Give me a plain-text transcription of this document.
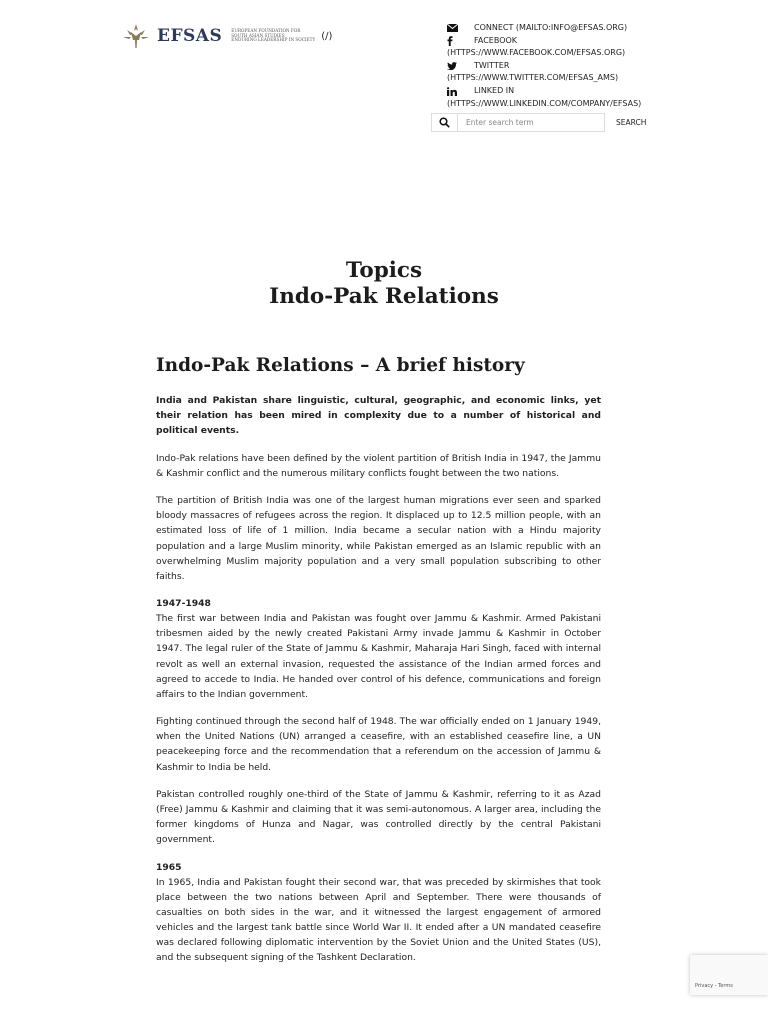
EFSAS EUROPEAN FOUNDATION FOR
SOUTH ASIAN STUDIES
ENDURING LEADERSHIP IN SOCIETY (/)
CONNECT (MAILTO:INFO@EFSAS.ORG)
FACEBOOK
(HTTPS://WWW.FACEBOOK.COM/EFSAS.ORG)
TWITTER
(HTTPS://WWW.TWITTER.COM/EFSAS_AMS)
LINKED IN
(HTTPS://WWW.LINKEDIN.COM/COMPANY/EFSAS)
Enter search term
SEARCH
Topics
Indo-Pak Relations
Indo-Pak Relations – A brief history

India and Pakistan share linguistic, cultural, geographic, and economic links, yet their relation has been mired in complexity due to a number of historical and political events.

Indo-Pak relations have been defined by the violent partition of British India in 1947, the Jammu & Kashmir conflict and the numerous military conflicts fought between the two nations.

The partition of British India was one of the largest human migrations ever seen and sparked bloody massacres of refugees across the region. It displaced up to 12.5 million people, with an estimated loss of life of 1 million. India became a secular nation with a Hindu majority population and a large Muslim minority, while Pakistan emerged as an Islamic republic with an overwhelming Muslim majority population and a very small population subscribing to other faiths.

1947-1948
The first war between India and Pakistan was fought over Jammu & Kashmir. Armed Pakistani tribesmen aided by the newly created Pakistani Army invade Jammu & Kashmir in October 1947. The legal ruler of the State of Jammu & Kashmir, Maharaja Hari Singh, faced with internal revolt as well an external invasion, requested the assistance of the Indian armed forces and agreed to accede to India. He handed over control of his defence, communications and foreign affairs to the Indian government.

Fighting continued through the second half of 1948. The war officially ended on 1 January 1949, when the United Nations (UN) arranged a ceasefire, with an established ceasefire line, a UN peacekeeping force and the recommendation that a referendum on the accession of Jammu & Kashmir to India be held.

Pakistan controlled roughly one-third of the State of Jammu & Kashmir, referring to it as Azad (Free) Jammu & Kashmir and claiming that it was semi-autonomous. A larger area, including the former kingdoms of Hunza and Nagar, was controlled directly by the central Pakistani government.

1965
In 1965, India and Pakistan fought their second war, that was preceded by skirmishes that took place between the two nations between April and September. There were thousands of casualties on both sides in the war, and it witnessed the largest engagement of armored vehicles and the largest tank battle since World War II. It ended after a UN mandated ceasefire was declared following diplomatic intervention by the Soviet Union and the United States (US), and the subsequent signing of the Tashkent Declaration.

Privacy - Terms
